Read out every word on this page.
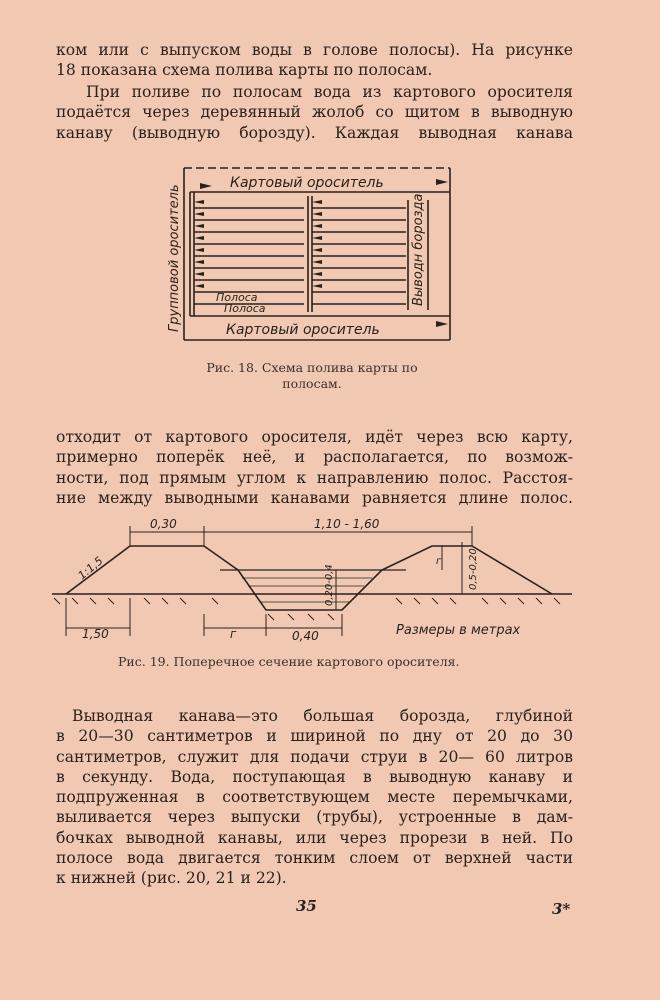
ком или с выпуском воды в голове полосы). На рисунке
18 показана схема полива карты по полосам.
При поливе по полосам вода из картового оросителя
подаётся через деревянный жолоб со щитом в выводную
канаву (выводную борозду). Каждая выводная канава
Картовый ороситель
Картовый ороситель
Групповой ороситель	Выводн борозда
Полоса
Полоса
Рис. 18. Схема полива карты по
полосам.
отходит от картового оросителя, идёт через всю карту,
примерно поперёк неё, и располагается, по возмож-
ности, под прямым углом к направлению полос. Расстоя-
ние между выводными канавами равняется длине полос.
0,30	1,10 - 1,60
1:1,5
1,50	г	0,40
0,20-0,4	0,5-0,20
г
Размеры в метрах
Рис. 19. Поперечное сечение картового оросителя.
Выводная канава—это большая борозда, глубиной
в 20—30 сантиметров и шириной по дну от 20 до 30
сантиметров, служит для подачи струи в 20— 60 литров
в секунду. Вода, поступающая в выводную канаву и
подпруженная в соответствующем месте перемычками,
выливается через выпуски (трубы), устроенные в дам-
бочках выводной канавы, или через прорези в ней. По
полосе вода двигается тонким слоем от верхней части
к нижней (рис. 20, 21 и 22).
35	3*
